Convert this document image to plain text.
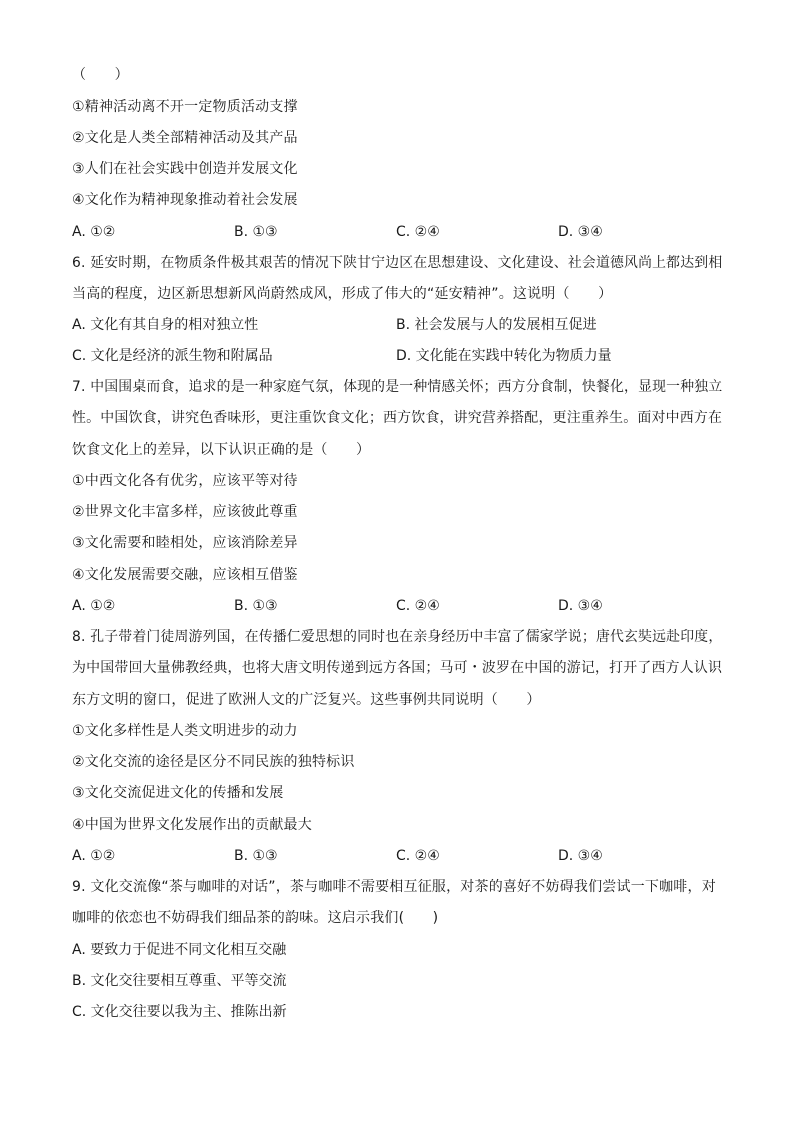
（　　）
①精神活动离不开一定物质活动支撑
②文化是人类全部精神活动及其产品
③人们在社会实践中创造并发展文化
④文化作为精神现象推动着社会发展
A. ①②	B. ①③	C. ②④	D. ③④
6. 延安时期，在物质条件极其艰苦的情况下陕甘宁边区在思想建设、文化建设、社会道德风尚上都达到相
当高的程度，边区新思想新风尚蔚然成风，形成了伟大的“延安精神”。这说明（　　）
A. 文化有其自身的相对独立性	B. 社会发展与人的发展相互促进
C. 文化是经济的派生物和附属品	D. 文化能在实践中转化为物质力量
7. 中国围桌而食，追求的是一种家庭气氛，体现的是一种情感关怀；西方分食制，快餐化，显现一种独立
性。中国饮食，讲究色香味形，更注重饮食文化；西方饮食，讲究营养搭配，更注重养生。面对中西方在
饮食文化上的差异，以下认识正确的是（　　）
①中西文化各有优劣，应该平等对待
②世界文化丰富多样，应该彼此尊重
③文化需要和睦相处，应该消除差异
④文化发展需要交融，应该相互借鉴
A. ①②	B. ①③	C. ②④	D. ③④
8. 孔子带着门徒周游列国，在传播仁爱思想的同时也在亲身经历中丰富了儒家学说；唐代玄奘远赴印度，
为中国带回大量佛教经典，也将大唐文明传递到远方各国；马可・波罗在中国的游记，打开了西方人认识
东方文明的窗口，促进了欧洲人文的广泛复兴。这些事例共同说明（　　）
①文化多样性是人类文明进步的动力
②文化交流的途径是区分不同民族的独特标识
③文化交流促进文化的传播和发展
④中国为世界文化发展作出的贡献最大
A. ①②	B. ①③	C. ②④	D. ③④
9. 文化交流像“茶与咖啡的对话”，茶与咖啡不需要相互征服，对茶的喜好不妨碍我们尝试一下咖啡，对
咖啡的依恋也不妨碍我们细品茶的韵味。这启示我们(　　)
A. 要致力于促进不同文化相互交融
B. 文化交往要相互尊重、平等交流
C. 文化交往要以我为主、推陈出新
